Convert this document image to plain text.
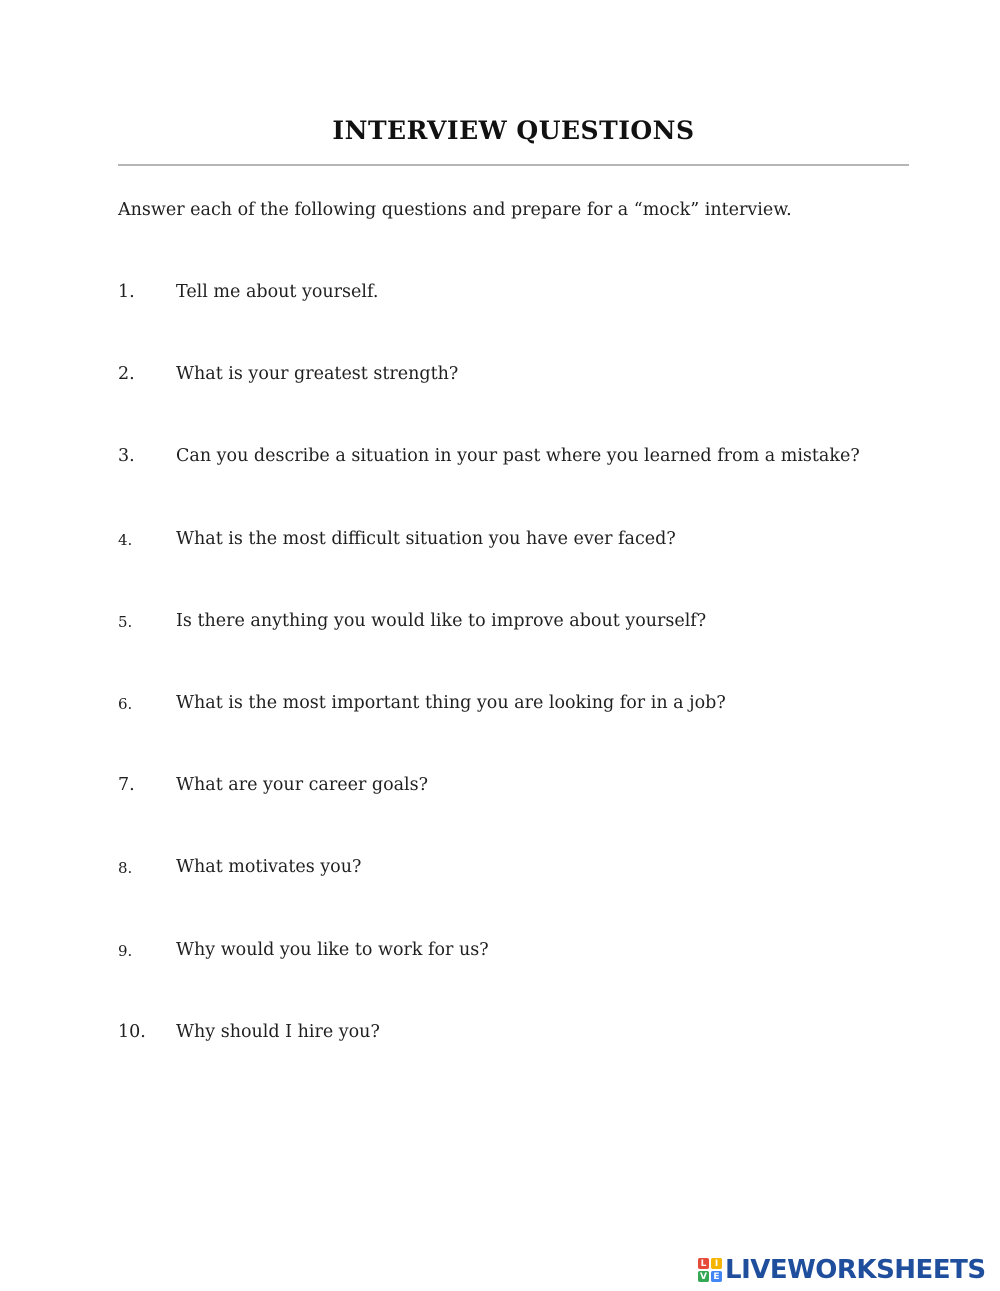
INTERVIEW QUESTIONS

Answer each of the following questions and prepare for a “mock” interview.

1.	Tell me about yourself.
2.	What is your greatest strength?
3.	Can you describe a situation in your past where you learned from a mistake?
4.	What is the most difficult situation you have ever faced?
5.	Is there anything you would like to improve about yourself?
6.	What is the most important thing you are looking for in a job?
7.	What are your career goals?
8.	What motivates you?
9.	Why would you like to work for us?
10.	Why should I hire you?
L I
V E LIVEWORKSHEETS
